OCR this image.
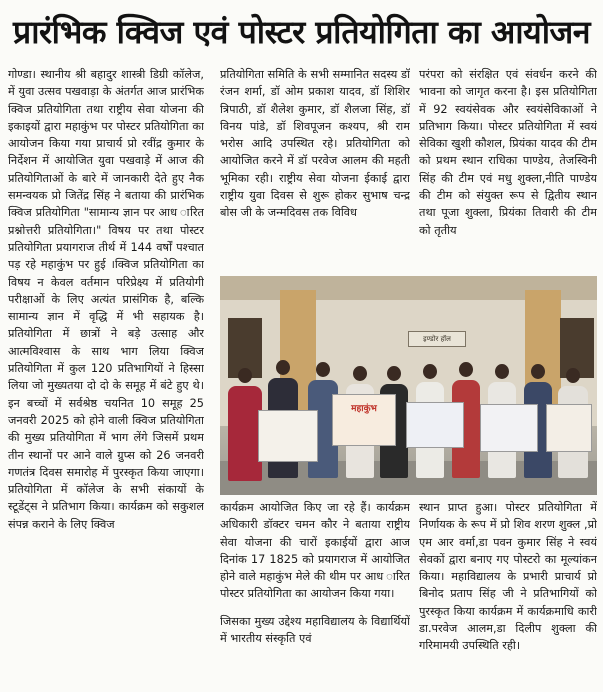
प्रारंभिक क्विज एवं पोस्टर प्रतियोगिता का आयोजन

गोण्डा। स्थानीय श्री बहादुर शास्त्री डिग्री कॉलेज, में युवा उत्सव पखवाड़ा के अंतर्गत आज प्रारंभिक क्विज प्रतियोगिता तथा राष्ट्रीय सेवा योजना की इकाइयों द्वारा महाकुंभ पर पोस्टर प्रतियोगिता का आयोजन किया गया प्राचार्य प्रो रवींद्र कुमार के निर्देशन में आयोजित युवा पखवाड़े में आज की प्रतियोगिताओं के बारे में जानकारी देते हुए नैक समन्वयक प्रो जितेंद्र सिंह ने बताया की प्रारंभिक क्विज प्रतियोगिता "सामान्य ज्ञान पर आध ारित प्रश्नोत्तरी प्रतियोगिता।" विषय पर तथा पोस्टर प्रतियोगिता प्रयागराज तीर्थ में 144 वर्षों पश्चात पड़ रहे महाकुंभ पर हुई ।क्विज प्रतियोगिता का विषय न केवल वर्तमान परिप्रेक्ष्य में प्रतियोगी परीक्षाओं के लिए अत्यंत प्रासंगिक है, बल्कि सामान्य ज्ञान में वृद्धि में भी सहायक है। प्रतियोगिता में छात्रों ने बड़े उत्साह और आत्मविश्वास के साथ भाग लिया क्विज प्रतियोगिता में कुल 120 प्रतिभागियों ने हिस्सा लिया जो मुख्यतया दो दो के समूह में बंटे हुए थे। इन बच्चों में सर्वश्रेष्ठ चयनित 10 समूह 25 जनवरी 2025 को होने वाली क्विज प्रतियोगिता की मुख्य प्रतियोगिता में भाग लेंगे जिसमें प्रथम तीन स्थानों पर आने वाले ग्रुप्स को 26 जनवरी गणतंत्र दिवस समारोह में पुरस्कृत किया जाएगा। प्रतियोगिता में कॉलेज के सभी संकायों के स्टूडेंट्स ने प्रतिभाग किया। कार्यक्रम को सकुशल संपन्न कराने के लिए क्विज

प्रतियोगिता समिति के सभी सम्मानित सदस्य डॉ रंजन शर्मा, डॉ ओम प्रकाश यादव, डॉ शिशिर त्रिपाठी, डॉ शैलेश कुमार, डॉ शैलजा सिंह, डॉ विनय पांडे, डॉ शिवपूजन कश्यप, श्री राम भरोस आदि उपस्थित रहे। प्रतियोगिता को आयोजित करने में डॉ परवेज आलम की महती भूमिका रही। राष्ट्रीय सेवा योजना ईकाई द्वारा राष्ट्रीय युवा दिवस से शुरू होकर सुभाष चन्द्र बोस जी के जन्मदिवस तक विविध

परंपरा को संरक्षित एवं संवर्धन करने की भावना को जागृत करना है। इस प्रतियोगिता में 92 स्वयंसेवक और स्वयंसेविकाओं ने प्रतिभाग किया। पोस्टर प्रतियोगिता में स्वयं सेविका खुशी कौशल, प्रियंका यादव की टीम को प्रथम स्थान राधिका पाण्डेय, तेजस्विनी सिंह की टीम एवं मधु शुक्ला,नीति पाण्डेय की टीम को संयुक्त रूप से द्वितीय स्थान तथा पूजा शुक्ला, प्रियंका तिवारी की टीम को तृतीय

इण्डोर हॉल
महाकुंभ

कार्यक्रम आयोजित किए जा रहे हैं। कार्यक्रम अधिकारी डॉक्टर चमन कौर ने बताया राष्ट्रीय सेवा योजना की चारों इकाईयों द्वारा आज दिनांक 17 1825 को प्रयागराज में आयोजित होने वाले महाकुंभ मेले की थीम पर आध ारित पोस्टर प्रतियोगिता का आयोजन किया गया।

जिसका मुख्य उद्देश्य महाविद्यालय के विद्यार्थियों में भारतीय संस्कृति एवं

स्थान प्राप्त हुआ। पोस्टर प्रतियोगिता में निर्णायक के रूप में प्रो शिव शरण शुक्ल ,प्रो एम आर वर्मा,डा पवन कुमार सिंह ने स्वयं सेवकों द्वारा बनाए गए पोस्टरो का मूल्यांकन किया। महाविद्यालय के प्रभारी प्राचार्य प्रो बिनोद प्रताप सिंह जी ने प्रतिभागियों को पुरस्कृत किया कार्यक्रम में कार्यक्रमाधि कारी डा.परवेज आलम,डा दिलीप शुक्ला की गरिमामयी उपस्थिति रही।
